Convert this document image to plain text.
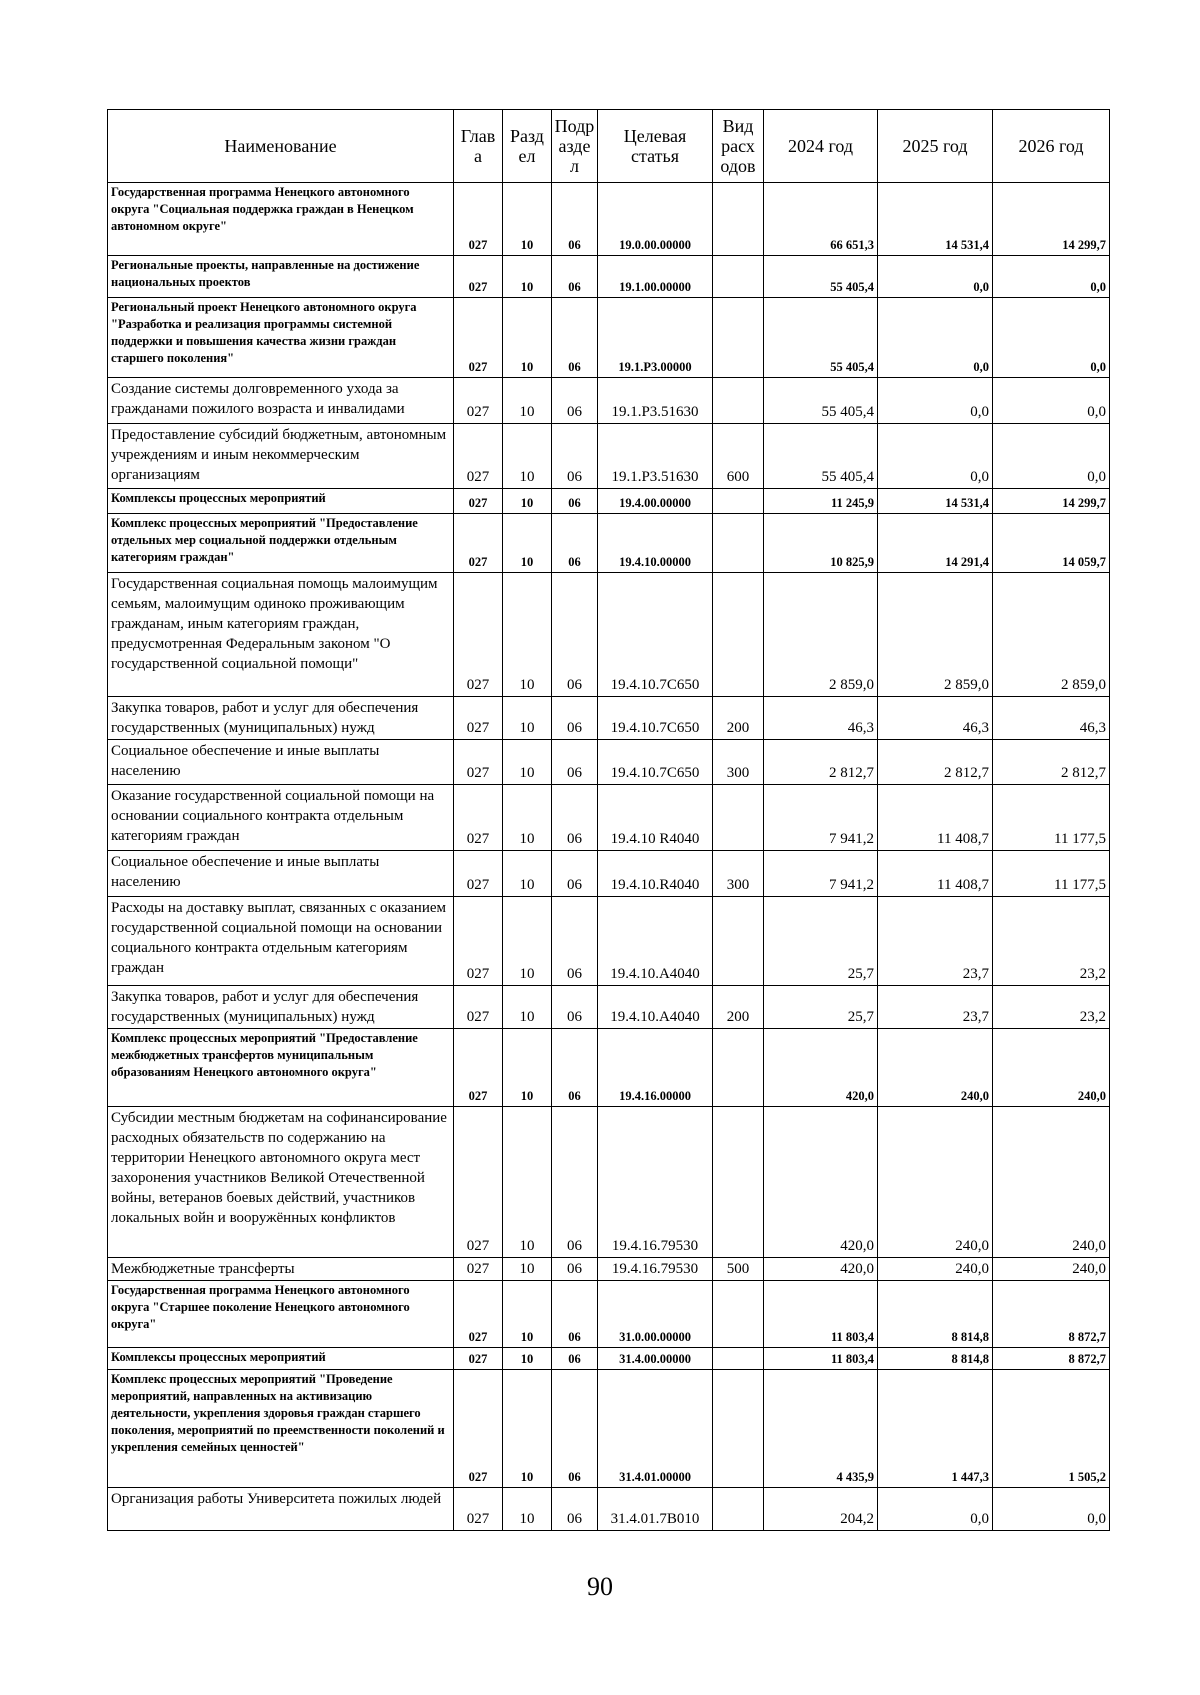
Наименование	Глав а	Разд ел	Подр азде л	Целевая статья	Вид расх одов	2024 год	2025 год	2026 год
Государственная программа Ненецкого автономного округа "Социальная поддержка граждан в Ненецком автономном округе"	027	10	06	19.0.00.00000		66 651,3	14 531,4	14 299,7
Региональные проекты, направленные на достижение национальных проектов	027	10	06	19.1.00.00000		55 405,4	0,0	0,0
Региональный проект Ненецкого автономного округа "Разработка и реализация программы системной поддержки и повышения качества жизни граждан старшего поколения"	027	10	06	19.1.P3.00000		55 405,4	0,0	0,0
Создание системы долговременного ухода за гражданами пожилого возраста и инвалидами	027	10	06	19.1.P3.51630		55 405,4	0,0	0,0
Предоставление субсидий бюджетным, автономным учреждениям и иным некоммерческим организациям	027	10	06	19.1.P3.51630	600	55 405,4	0,0	0,0
Комплексы процессных мероприятий	027	10	06	19.4.00.00000		11 245,9	14 531,4	14 299,7
Комплекс процессных мероприятий "Предоставление отдельных мер социальной поддержки отдельным категориям граждан"	027	10	06	19.4.10.00000		10 825,9	14 291,4	14 059,7
Государственная социальная помощь малоимущим семьям, малоимущим одиноко проживающим гражданам, иным категориям граждан, предусмотренная Федеральным законом "О государственной социальной помощи"	027	10	06	19.4.10.7С650		2 859,0	2 859,0	2 859,0
Закупка товаров, работ и услуг для обеспечения государственных (муниципальных) нужд	027	10	06	19.4.10.7С650	200	46,3	46,3	46,3
Социальное обеспечение и иные выплаты населению	027	10	06	19.4.10.7С650	300	2 812,7	2 812,7	2 812,7
Оказание государственной социальной помощи на основании социального контракта отдельным категориям граждан	027	10	06	19.4.10 R4040		7 941,2	11 408,7	11 177,5
Социальное обеспечение и иные выплаты населению	027	10	06	19.4.10.R4040	300	7 941,2	11 408,7	11 177,5
Расходы на доставку выплат, связанных с оказанием государственной социальной помощи на основании социального контракта отдельным категориям граждан	027	10	06	19.4.10.А4040		25,7	23,7	23,2
Закупка товаров, работ и услуг для обеспечения государственных (муниципальных) нужд	027	10	06	19.4.10.А4040	200	25,7	23,7	23,2
Комплекс процессных мероприятий "Предоставление межбюджетных трансфертов муниципальным образованиям Ненецкого автономного округа"	027	10	06	19.4.16.00000		420,0	240,0	240,0
Субсидии местным бюджетам на софинансирование расходных обязательств по содержанию на территории Ненецкого автономного округа мест захоронения участников Великой Отечественной войны, ветеранов боевых действий, участников локальных войн и вооружённых конфликтов	027	10	06	19.4.16.79530		420,0	240,0	240,0
Межбюджетные трансферты	027	10	06	19.4.16.79530	500	420,0	240,0	240,0
Государственная программа Ненецкого автономного округа "Старшее поколение Ненецкого автономного округа"	027	10	06	31.0.00.00000		11 803,4	8 814,8	8 872,7
Комплексы процессных мероприятий	027	10	06	31.4.00.00000		11 803,4	8 814,8	8 872,7
Комплекс процессных мероприятий "Проведение мероприятий, направленных на активизацию деятельности, укрепления здоровья граждан старшего поколения, мероприятий по преемственности поколений и укрепления семейных ценностей"	027	10	06	31.4.01.00000		4 435,9	1 447,3	1 505,2
Организация работы Университета пожилых людей	027	10	06	31.4.01.7В010		204,2	0,0	0,0
90
